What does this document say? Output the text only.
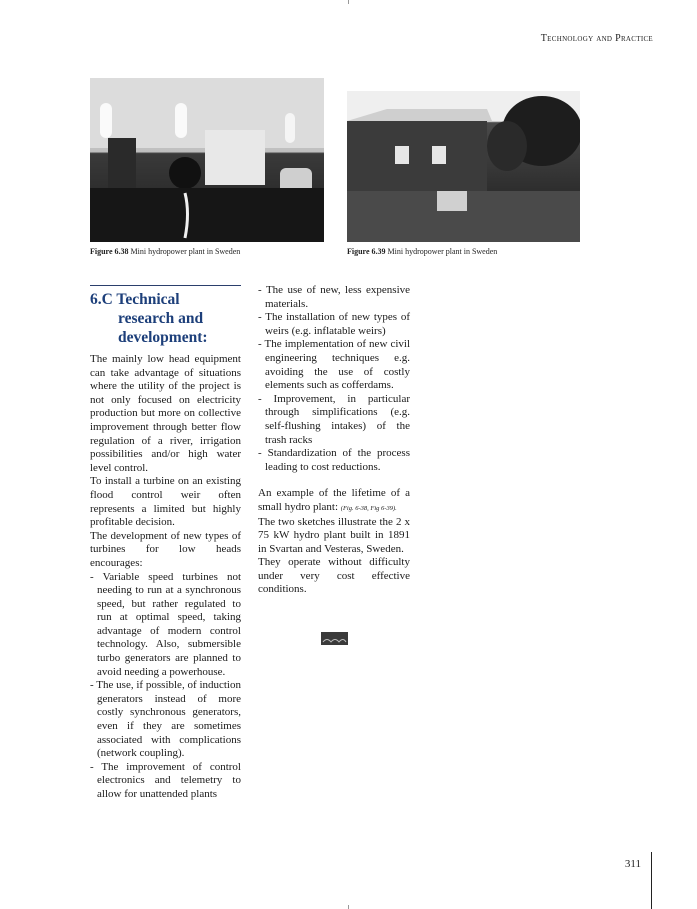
Technology and Practice
Figure 6.38 Mini hydropower plant in Sweden	Figure 6.39 Mini hydropower plant in Sweden
6.C Technical
research and
development:

The mainly low head equipment can take advantage of situations where the utility of the project is not only focused on electricity production but more on collective improvement through better flow regulation of a river, irrigation possibilities and/or high water level control.

To install a turbine on an existing flood control weir often represents a limited but highly profitable decision.

The development of new types of turbines for low heads encourages:

- Variable speed turbines not needing to run at a synchronous speed, but rather regulated to run at optimal speed, taking advantage of modern control technology. Also, submersible turbo generators are planned to avoid needing a powerhouse.
- The use, if possible, of induction generators instead of more costly synchronous generators, even if they are sometimes associated with complications (network coupling).
- The improvement of control electronics and telemetry to allow for unattended plants
- The use of new, less expensive materials.
- The installation of new types of weirs (e.g. inflatable weirs)
- The implementation of new civil engineering techniques e.g. avoiding the use of costly elements such as cofferdams.
- Improvement, in particular through simplifications (e.g. self-flushing intakes) of the trash racks
- Standardization of the process leading to cost reductions.

An example of the lifetime of a small hydro plant: (Fig. 6-38, Fig 6-39).

The two sketches illustrate the 2 x 75 kW hydro plant built in 1891 in Svartan and Vesteras, Sweden.

They operate without difficulty under very cost effective conditions.

311
